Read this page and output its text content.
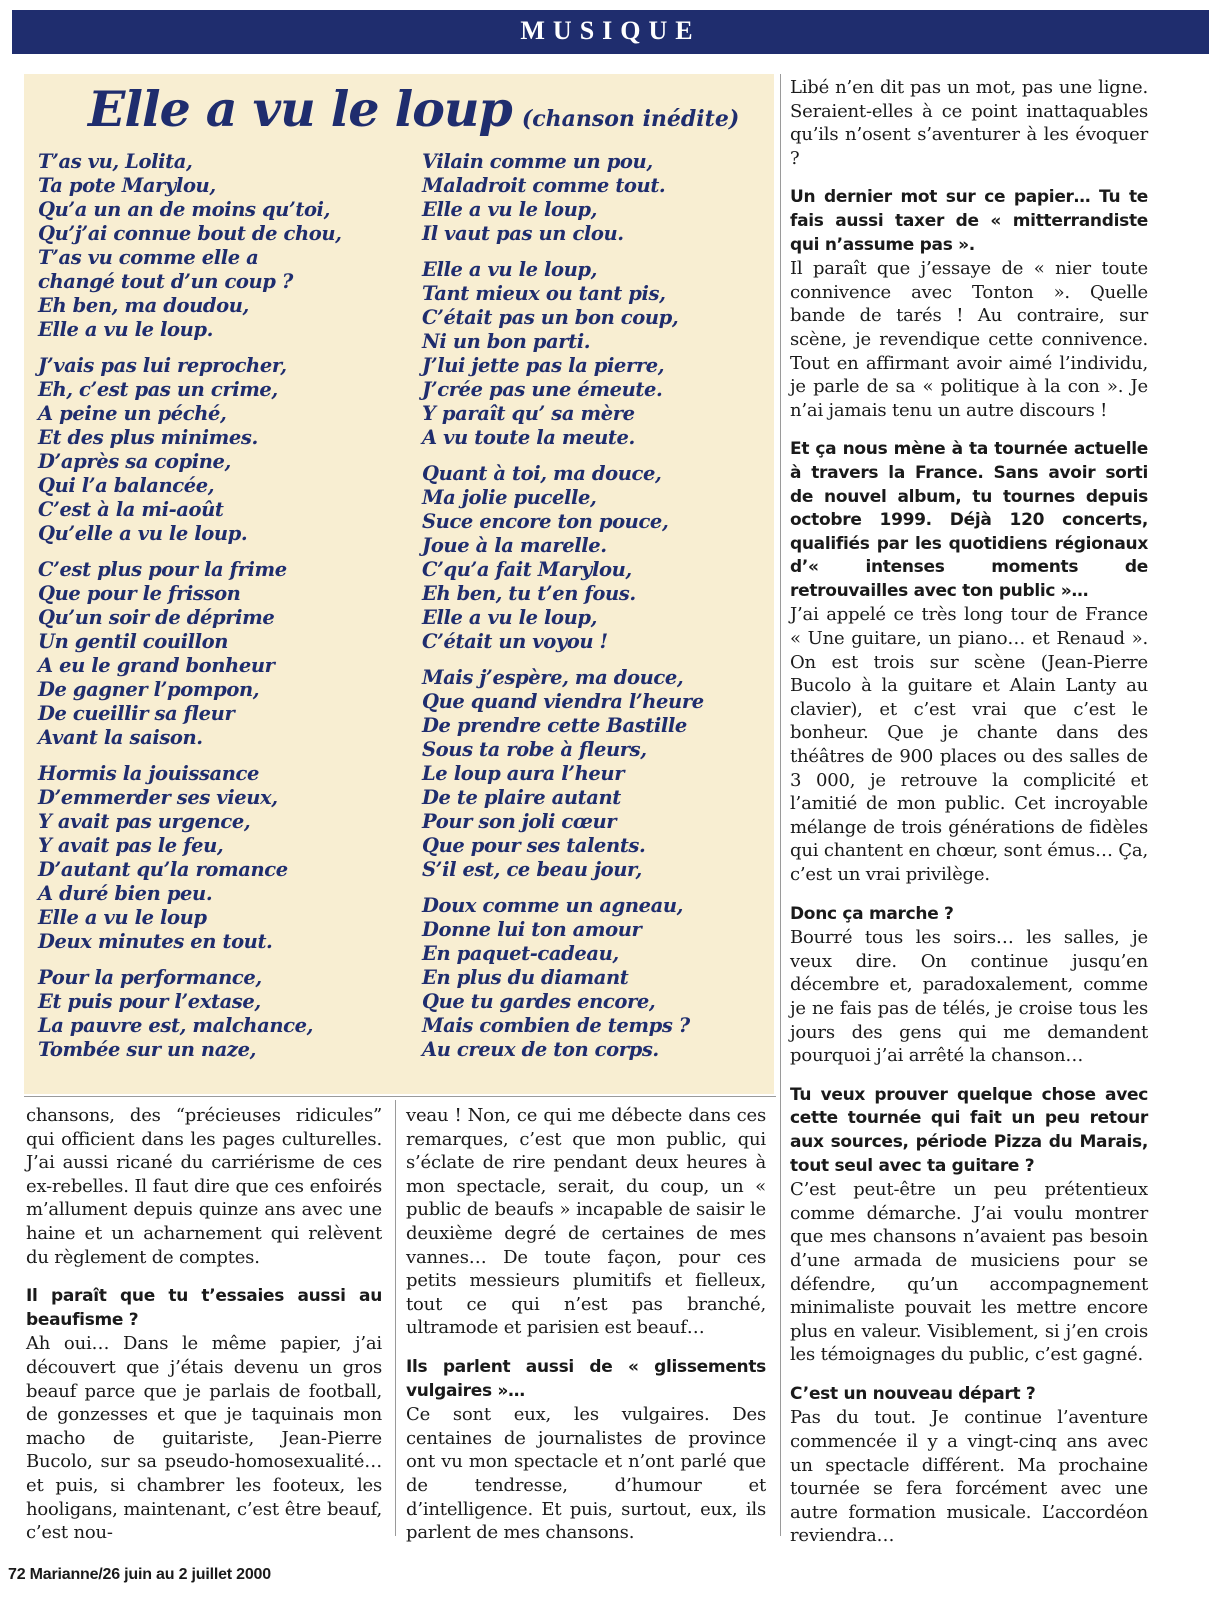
MUSIQUE
Elle a vu le loup (chanson inédite)
T’as vu, Lolita,
Ta pote Marylou,
Qu’a un an de moins qu’toi,
Qu’j’ai connue bout de chou,
T’as vu comme elle a
changé tout d’un coup ?
Eh ben, ma doudou,
Elle a vu le loup.
J’vais pas lui reprocher,
Eh, c’est pas un crime,
A peine un péché,
Et des plus minimes.
D’après sa copine,
Qui l’a balancée,
C’est à la mi-août
Qu’elle a vu le loup.
C’est plus pour la frime
Que pour le frisson
Qu’un soir de déprime
Un gentil couillon
A eu le grand bonheur
De gagner l’pompon,
De cueillir sa fleur
Avant la saison.
Hormis la jouissance
D’emmerder ses vieux,
Y avait pas urgence,
Y avait pas le feu,
D’autant qu’la romance
A duré bien peu.
Elle a vu le loup
Deux minutes en tout.
Pour la performance,
Et puis pour l’extase,
La pauvre est, malchance,
Tombée sur un naze,
Vilain comme un pou,
Maladroit comme tout.
Elle a vu le loup,
Il vaut pas un clou.
Elle a vu le loup,
Tant mieux ou tant pis,
C’était pas un bon coup,
Ni un bon parti.
J’lui jette pas la pierre,
J’crée pas une émeute.
Y paraît qu’ sa mère
A vu toute la meute.
Quant à toi, ma douce,
Ma jolie pucelle,
Suce encore ton pouce,
Joue à la marelle.
C’qu’a fait Marylou,
Eh ben, tu t’en fous.
Elle a vu le loup,
C’était un voyou !
Mais j’espère, ma douce,
Que quand viendra l’heure
De prendre cette Bastille
Sous ta robe à fleurs,
Le loup aura l’heur
De te plaire autant
Pour son joli cœur
Que pour ses talents.
S’il est, ce beau jour,
Doux comme un agneau,
Donne lui ton amour
En paquet-cadeau,
En plus du diamant
Que tu gardes encore,
Mais combien de temps ?
Au creux de ton corps.

Libé n’en dit pas un mot, pas une ligne. Seraient-elles à ce point inattaquables qu’ils n’osent s’aventurer à les évoquer ?

Un dernier mot sur ce papier… Tu te fais aussi taxer de « mitterrandiste qui n’assume pas ».

Il paraît que j’essaye de « nier toute connivence avec Tonton ». Quelle bande de tarés ! Au contraire, sur scène, je revendique cette connivence. Tout en affirmant avoir aimé l’individu, je parle de sa « politique à la con ». Je n’ai jamais tenu un autre discours !

Et ça nous mène à ta tournée actuelle à travers la France. Sans avoir sorti de nouvel album, tu tournes depuis octobre 1999. Déjà 120 concerts, qualifiés par les quotidiens régionaux d’« intenses moments de retrouvailles avec ton public »…

J’ai appelé ce très long tour de France « Une guitare, un piano… et Renaud ». On est trois sur scène (Jean-Pierre Bucolo à la guitare et Alain Lanty au clavier), et c’est vrai que c’est le bonheur. Que je chante dans des théâtres de 900 places ou des salles de 3 000, je retrouve la complicité et l’amitié de mon public. Cet incroyable mélange de trois générations de fidèles qui chantent en chœur, sont émus… Ça, c’est un vrai privilège.

Donc ça marche ?

Bourré tous les soirs… les salles, je veux dire. On continue jusqu’en décembre et, paradoxalement, comme je ne fais pas de télés, je croise tous les jours des gens qui me demandent pourquoi j’ai arrêté la chanson…

Tu veux prouver quelque chose avec cette tournée qui fait un peu retour aux sources, période Pizza du Marais, tout seul avec ta guitare ?

C’est peut-être un peu prétentieux comme démarche. J’ai voulu montrer que mes chansons n’avaient pas besoin d’une armada de musiciens pour se défendre, qu’un accompagnement minimaliste pouvait les mettre encore plus en valeur. Visiblement, si j’en crois les témoignages du public, c’est gagné.

C’est un nouveau départ ?

Pas du tout. Je continue l’aventure commencée il y a vingt-cinq ans avec un spectacle différent. Ma prochaine tournée se fera forcément avec une autre formation musicale. L’accordéon reviendra…

chansons, des “précieuses ridicules” qui officient dans les pages culturelles. J’ai aussi ricané du carriérisme de ces ex-rebelles. Il faut dire que ces enfoirés m’allument depuis quinze ans avec une haine et un acharnement qui relèvent du règlement de comptes.

Il paraît que tu t’essaies aussi au beaufisme ?

Ah oui… Dans le même papier, j’ai découvert que j’étais devenu un gros beauf parce que je parlais de football, de gonzesses et que je taquinais mon macho de guitariste, Jean-Pierre Bucolo, sur sa pseudo-homosexualité… et puis, si chambrer les footeux, les hooligans, maintenant, c’est être beauf, c’est nou-

veau ! Non, ce qui me débecte dans ces remarques, c’est que mon public, qui s’éclate de rire pendant deux heures à mon spectacle, serait, du coup, un « public de beaufs » incapable de saisir le deuxième degré de certaines de mes vannes… De toute façon, pour ces petits messieurs plumitifs et fielleux, tout ce qui n’est pas branché, ultramode et parisien est beauf…

Ils parlent aussi de « glissements vulgaires »…

Ce sont eux, les vulgaires. Des centaines de journalistes de province ont vu mon spectacle et n’ont parlé que de tendresse, d’humour et d’intelligence. Et puis, surtout, eux, ils parlent de mes chansons.

72 Marianne/26 juin au 2 juillet 2000
